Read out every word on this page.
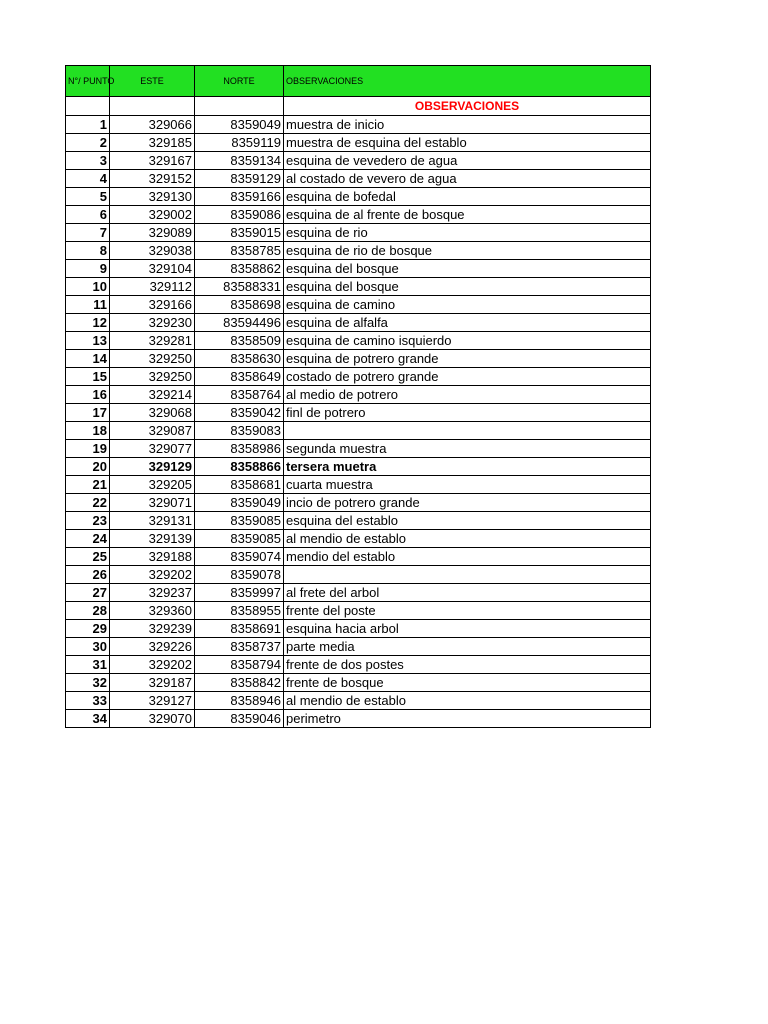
N°/ PUNTO	ESTE	NORTE	OBSERVACIONES
			OBSERVACIONES
1	329066	8359049	muestra de inicio
2	329185	8359119	muestra de esquina del establo
3	329167	8359134	esquina de vevedero de agua
4	329152	8359129	al costado de vevero de agua
5	329130	8359166	esquina de bofedal
6	329002	8359086	esquina de al frente de bosque
7	329089	8359015	esquina de rio
8	329038	8358785	esquina de rio de bosque
9	329104	8358862	esquina del bosque
10	329112	83588331	esquina del bosque
11	329166	8358698	esquina de camino
12	329230	83594496	esquina de alfalfa
13	329281	8358509	esquina de camino isquierdo
14	329250	8358630	esquina de potrero grande
15	329250	8358649	costado de potrero grande
16	329214	8358764	al medio de potrero
17	329068	8359042	finl de potrero
18	329087	8359083	
19	329077	8358986	segunda muestra
20	329129	8358866	tersera muetra
21	329205	8358681	cuarta muestra
22	329071	8359049	incio de potrero grande
23	329131	8359085	esquina del establo
24	329139	8359085	al mendio de establo
25	329188	8359074	mendio del establo
26	329202	8359078	
27	329237	8359997	al frete del arbol
28	329360	8358955	frente del poste
29	329239	8358691	esquina hacia arbol
30	329226	8358737	parte media
31	329202	8358794	frente de dos postes
32	329187	8358842	frente de bosque
33	329127	8358946	al mendio de establo
34	329070	8359046	perimetro
